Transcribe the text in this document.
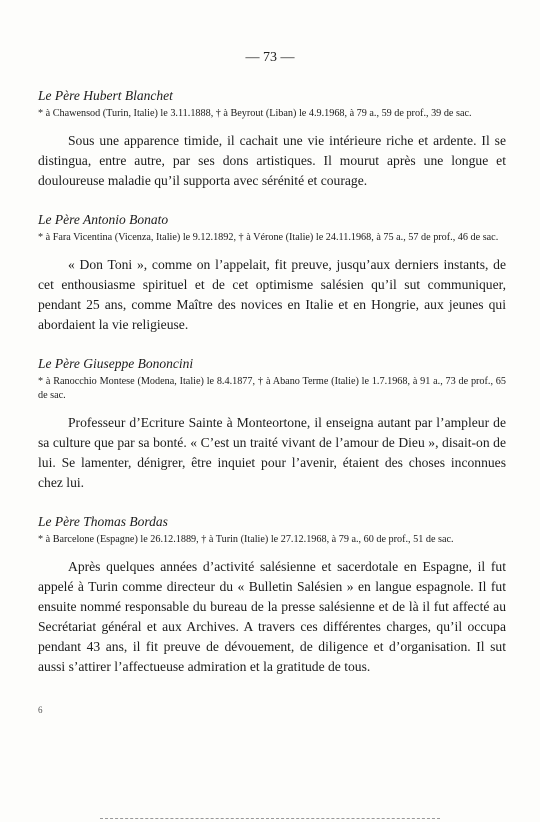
— 73 —

Le Père Hubert Blanchet

* à Chawensod (Turin, Italie) le 3.11.1888, † à Beyrout (Liban) le 4.9.1968, à 79 a., 59 de prof., 39 de sac.

Sous une apparence timide, il cachait une vie intérieure riche et ardente. Il se distingua, entre autre, par ses dons artistiques. Il mourut après une longue et douloureuse maladie qu’il supporta avec sérénité et courage.

Le Père Antonio Bonato

* à Fara Vicentina (Vicenza, Italie) le 9.12.1892, † à Vérone (Italie) le 24.11.1968, à 75 a., 57 de prof., 46 de sac.

« Don Toni », comme on l’appelait, fit preuve, jusqu’aux derniers instants, de cet enthousiasme spirituel et de cet optimisme salésien qu’il sut communiquer, pendant 25 ans, comme Maître des novices en Italie et en Hongrie, aux jeunes qui abordaient la vie religieuse.

Le Père Giuseppe Bononcini

* à Ranocchio Montese (Modena, Italie) le 8.4.1877, † à Abano Terme (Italie) le 1.7.1968, à 91 a., 73 de prof., 65 de sac.

Professeur d’Ecriture Sainte à Monteortone, il enseigna autant par l’ampleur de sa culture que par sa bonté. « C’est un traité vivant de l’amour de Dieu », disait-on de lui. Se lamenter, dénigrer, être inquiet pour l’avenir, étaient des choses inconnues chez lui.

Le Père Thomas Bordas

* à Barcelone (Espagne) le 26.12.1889, † à Turin (Italie) le 27.12.1968, à 79 a., 60 de prof., 51 de sac.

Après quelques années d’activité salésienne et sacerdotale en Espagne, il fut appelé à Turin comme directeur du « Bulletin Salésien » en langue espagnole. Il fut ensuite nommé responsable du bureau de la presse salésienne et de là il fut affecté au Secrétariat général et aux Archives. A travers ces différentes charges, qu’il occupa pendant 43 ans, il fit preuve de dévouement, de diligence et d’organisation. Il sut aussi s’attirer l’affectueuse admiration et la gratitude de tous.

6
